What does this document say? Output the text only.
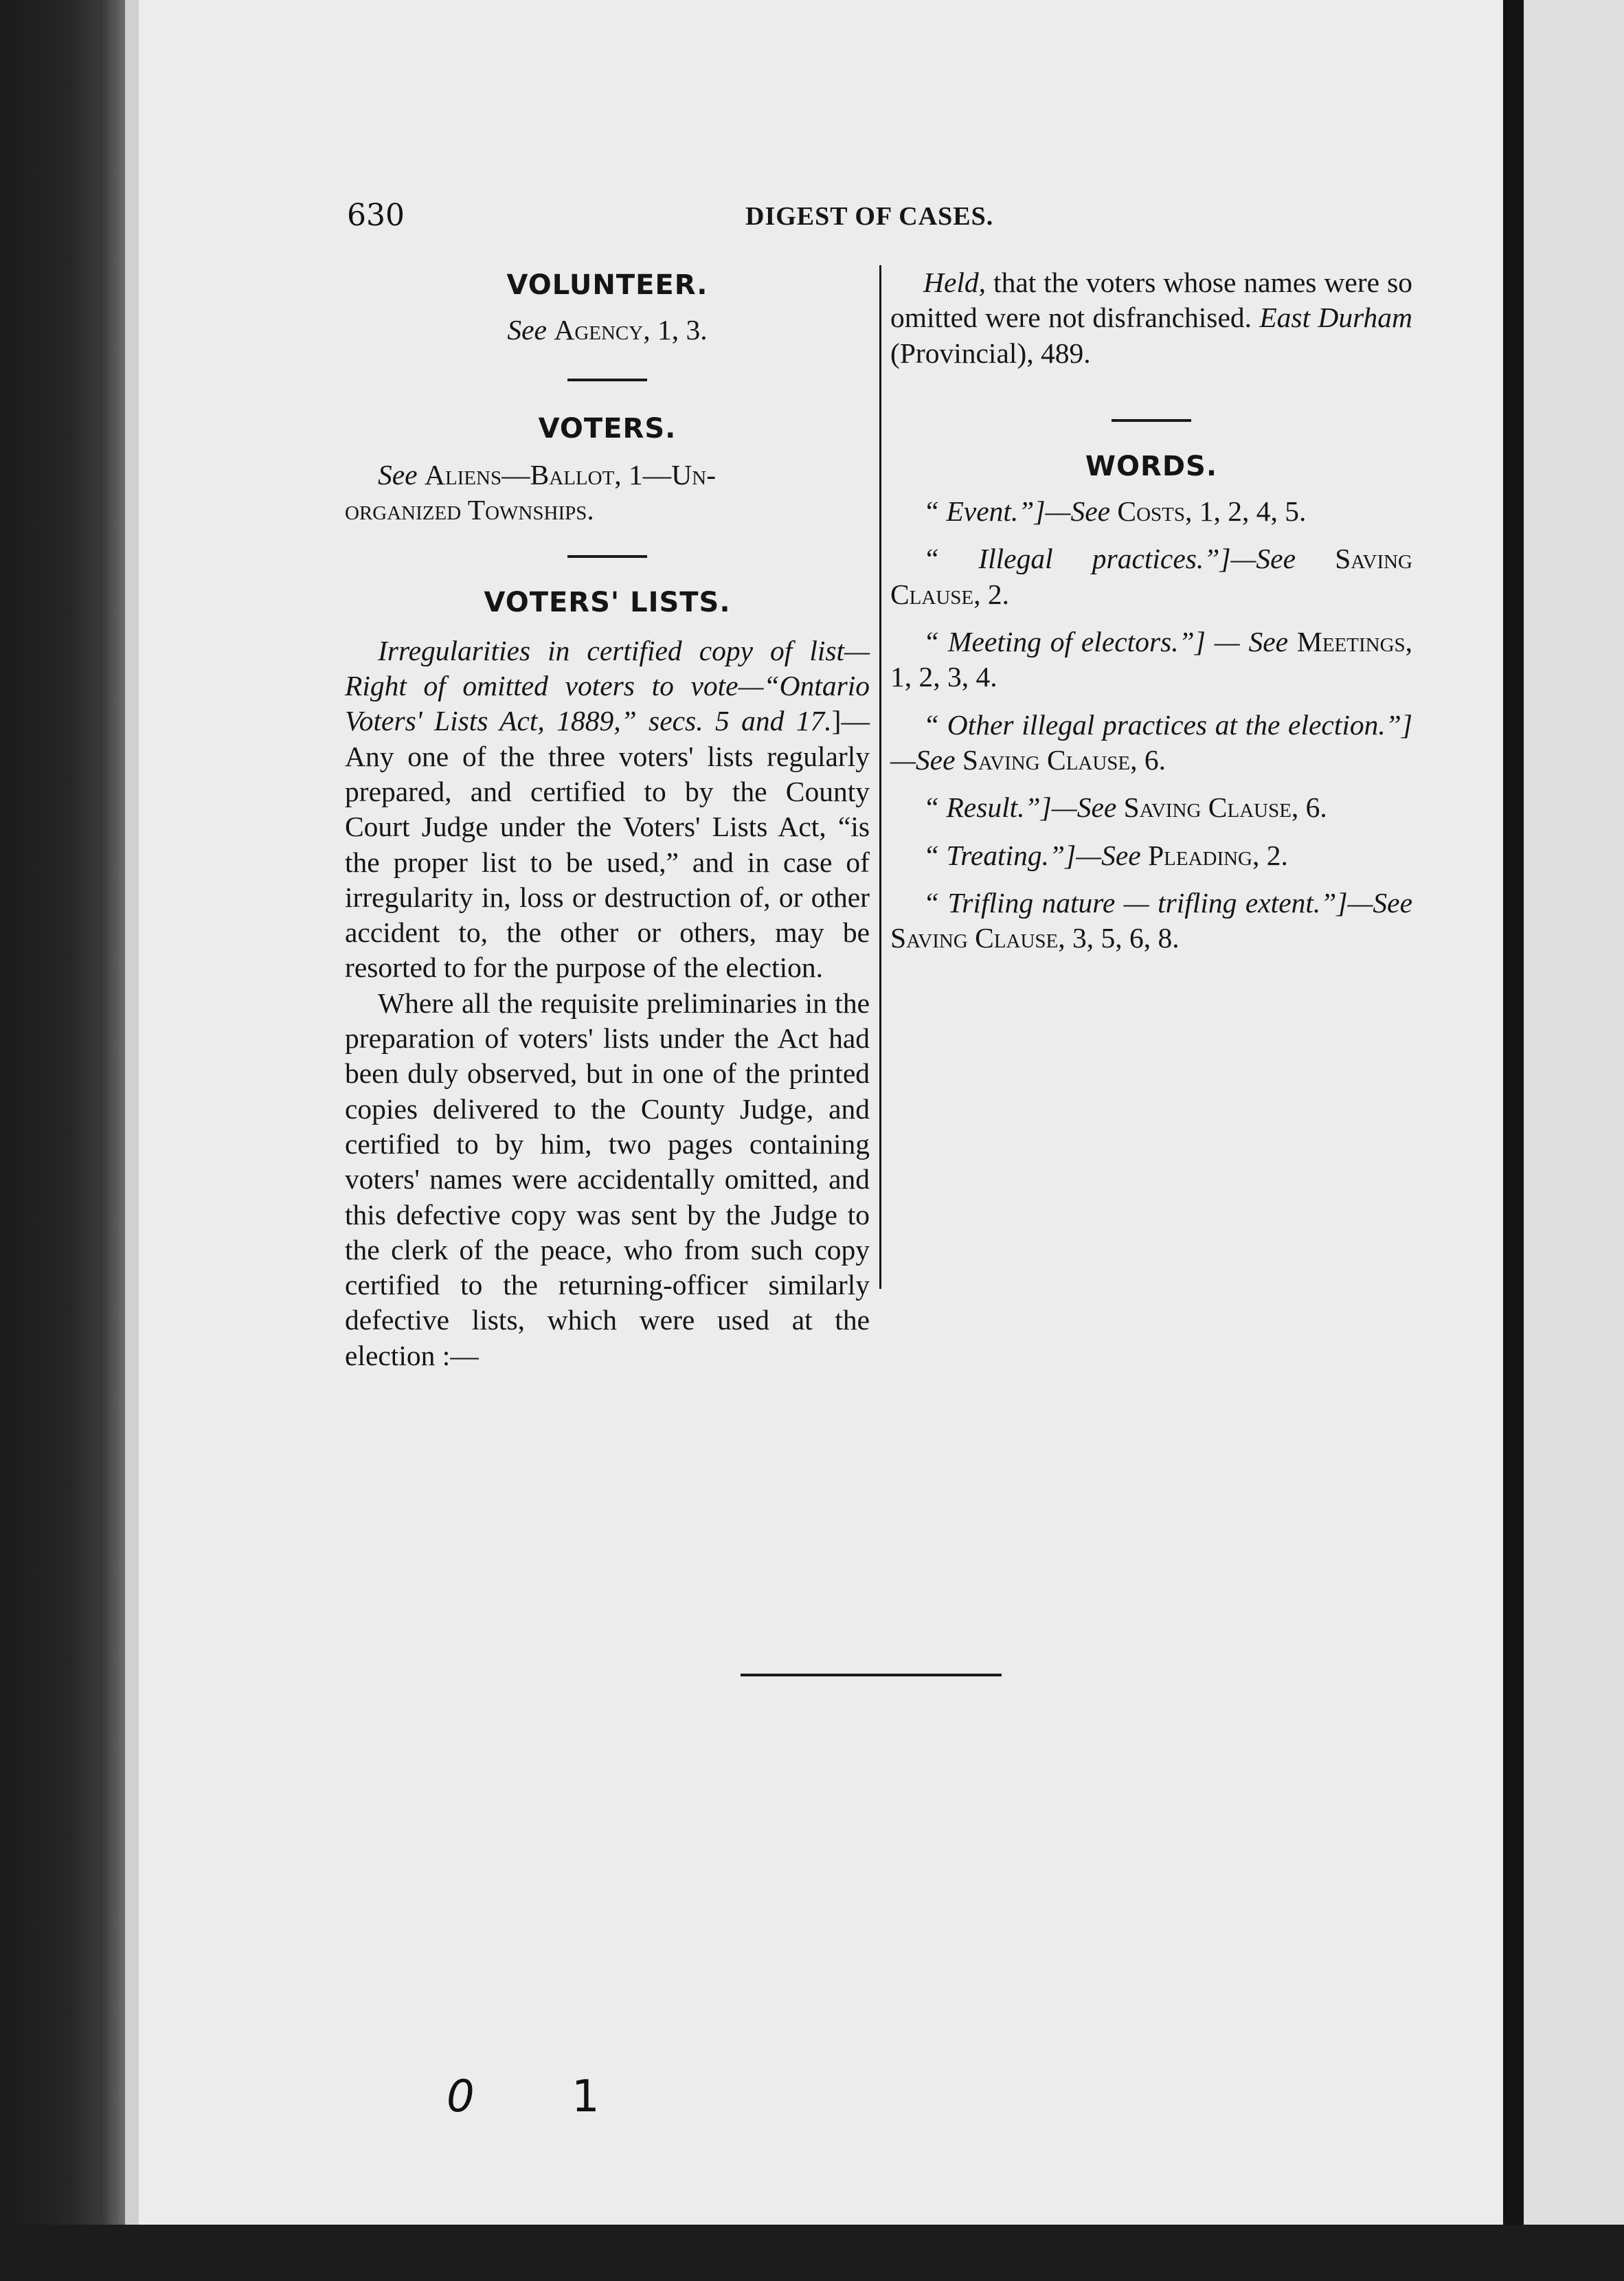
630	DIGEST OF CASES.

VOLUNTEER.

See Agency, 1, 3.

VOTERS.

See Aliens—Ballot, 1—Un-
organized Townships.

VOTERS' LISTS.

Irregularities in certified copy of list—Right of omitted voters to vote—“Ontario Voters' Lists Act, 1889,” secs. 5 and 17.]—Any one of the three voters' lists regularly prepared, and certified to by the County Court Judge under the Voters' Lists Act, “is the proper list to be used,” and in case of irregularity in, loss or destruction of, or other accident to, the other or others, may be resorted to for the purpose of the election.

Where all the requisite preliminaries in the preparation of voters' lists under the Act had been duly observed, but in one of the printed copies delivered to the County Judge, and certified to by him, two pages containing voters' names were accidentally omitted, and this defective copy was sent by the Judge to the clerk of the peace, who from such copy certified to the returning-officer similarly defective lists, which were used at the election :—

Held, that the voters whose names were so omitted were not disfranchised. East Durham (Provincial), 489.

WORDS.

“ Event.”]—See Costs, 1, 2, 4, 5.

“ Illegal practices.”]—See Saving Clause, 2.

“ Meeting of electors.”] — See Meetings, 1, 2, 3, 4.

“ Other illegal practices at the election.”]—See Saving Clause, 6.

“ Result.”]—See Saving Clause, 6.

“ Treating.”]—See Pleading, 2.

“ Trifling nature — trifling extent.”]—See Saving Clause, 3, 5, 6, 8.

0 1
